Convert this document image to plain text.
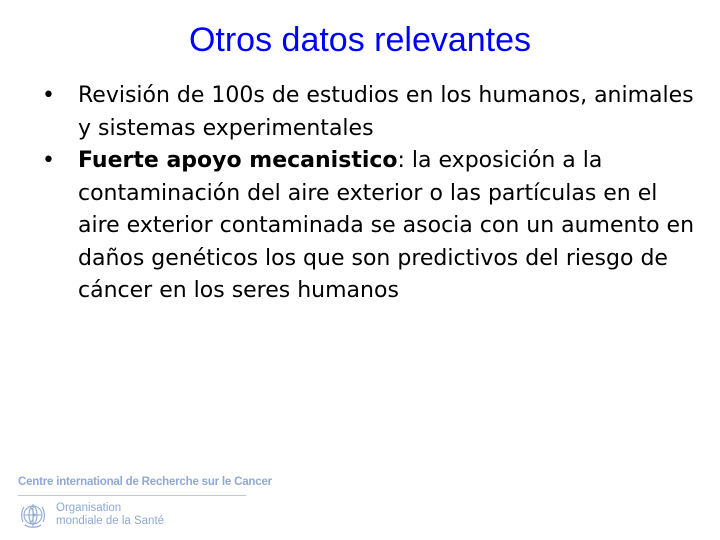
Otros datos relevantes
• Revisión de 100s de estudios en los humanos, animales y sistemas experimentales
• Fuerte apoyo mecanistico: la exposición a la contaminación del aire exterior o las partículas en el aire exterior contaminada se asocia con un aumento en daños genéticos los que son predictivos del riesgo de cáncer en los seres humanos
Centre international de Recherche sur le Cancer
Organisation
mondiale de la Santé
